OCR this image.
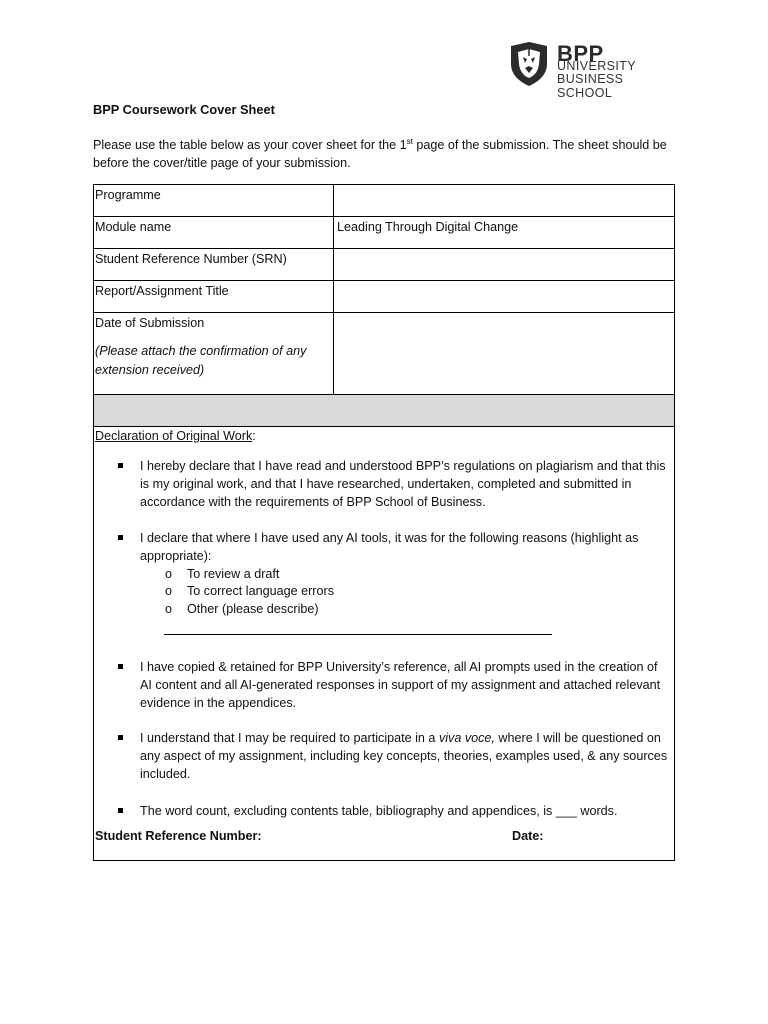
BPP
UNIVERSITY
BUSINESS SCHOOL
BPP Coursework Cover Sheet
Please use the table below as your cover sheet for the 1st page of the submission. The sheet should be before the cover/title page of your submission.
Programme
Module name	Leading Through Digital Change
Student Reference Number (SRN)
Report/Assignment Title
Date of Submission
(Please attach the confirmation of any extension received)
Declaration of Original Work:
I hereby declare that I have read and understood BPP’s regulations on plagiarism and that this is my original work, and that I have researched, undertaken, completed and submitted in accordance with the requirements of BPP School of Business.
I declare that where I have used any AI tools, it was for the following reasons (highlight as appropriate):
o To review a draft
o To correct language errors
o Other (please describe)
I have copied & retained for BPP University’s reference, all AI prompts used in the creation of AI content and all AI-generated responses in support of my assignment and attached relevant evidence in the appendices.
I understand that I may be required to participate in a viva voce, where I will be questioned on any aspect of my assignment, including key concepts, theories, examples used, & any sources included.
The word count, excluding contents table, bibliography and appendices, is ___ words.
Student Reference Number:	Date:
